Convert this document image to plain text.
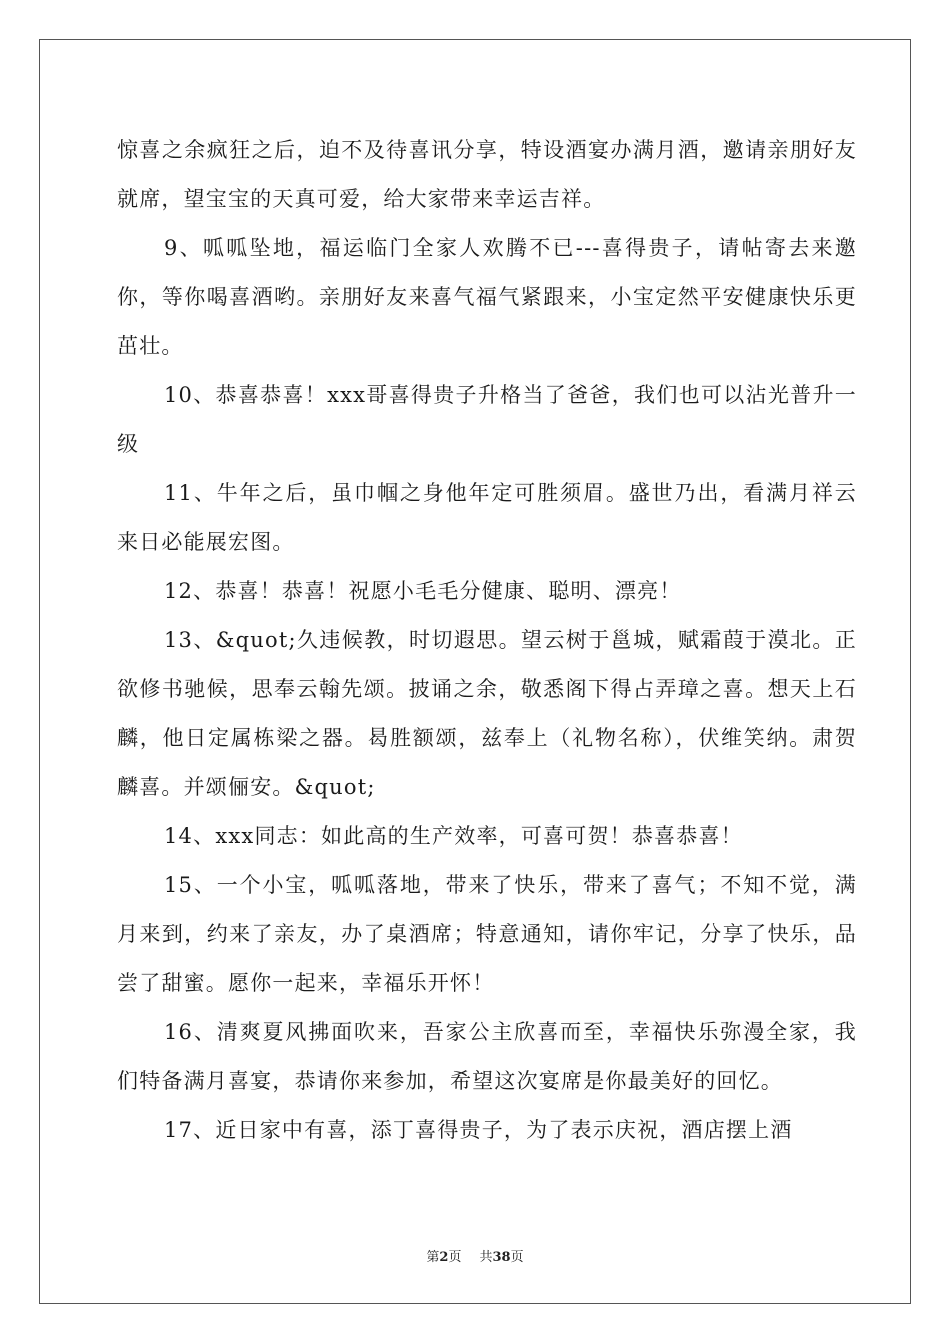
惊喜之余疯狂之后，迫不及待喜讯分享，特设酒宴办满月酒，邀请亲朋好友就席，望宝宝的天真可爱，给大家带来幸运吉祥。

9、呱呱坠地，福运临门全家人欢腾不已---喜得贵子，请帖寄去来邀你，等你喝喜酒哟。亲朋好友来喜气福气紧跟来，小宝定然平安健康快乐更茁壮。

10、恭喜恭喜！xxx哥喜得贵子升格当了爸爸，我们也可以沾光普升一级

11、牛年之后，虽巾帼之身他年定可胜须眉。盛世乃出，看满月祥云来日必能展宏图。

12、恭喜！恭喜！祝愿小毛毛分健康、聪明、漂亮！

13、&quot;久违候教，时切遐思。望云树于邕城，赋霜葭于漠北。正欲修书驰候，思奉云翰先颂。披诵之余，敬悉阁下得占弄璋之喜。想天上石麟，他日定属栋梁之器。曷胜额颂，兹奉上（礼物名称），伏维笑纳。肃贺麟喜。并颂俪安。&quot;

14、xxx同志：如此高的生产效率，可喜可贺！恭喜恭喜！

15、一个小宝，呱呱落地，带来了快乐，带来了喜气；不知不觉，满月来到，约来了亲友，办了桌酒席；特意通知，请你牢记，分享了快乐，品尝了甜蜜。愿你一起来，幸福乐开怀！

16、清爽夏风拂面吹来，吾家公主欣喜而至，幸福快乐弥漫全家，我们特备满月喜宴，恭请你来参加，希望这次宴席是你最美好的回忆。

17、近日家中有喜，添丁喜得贵子，为了表示庆祝，酒店摆上酒

第2页 共38页
